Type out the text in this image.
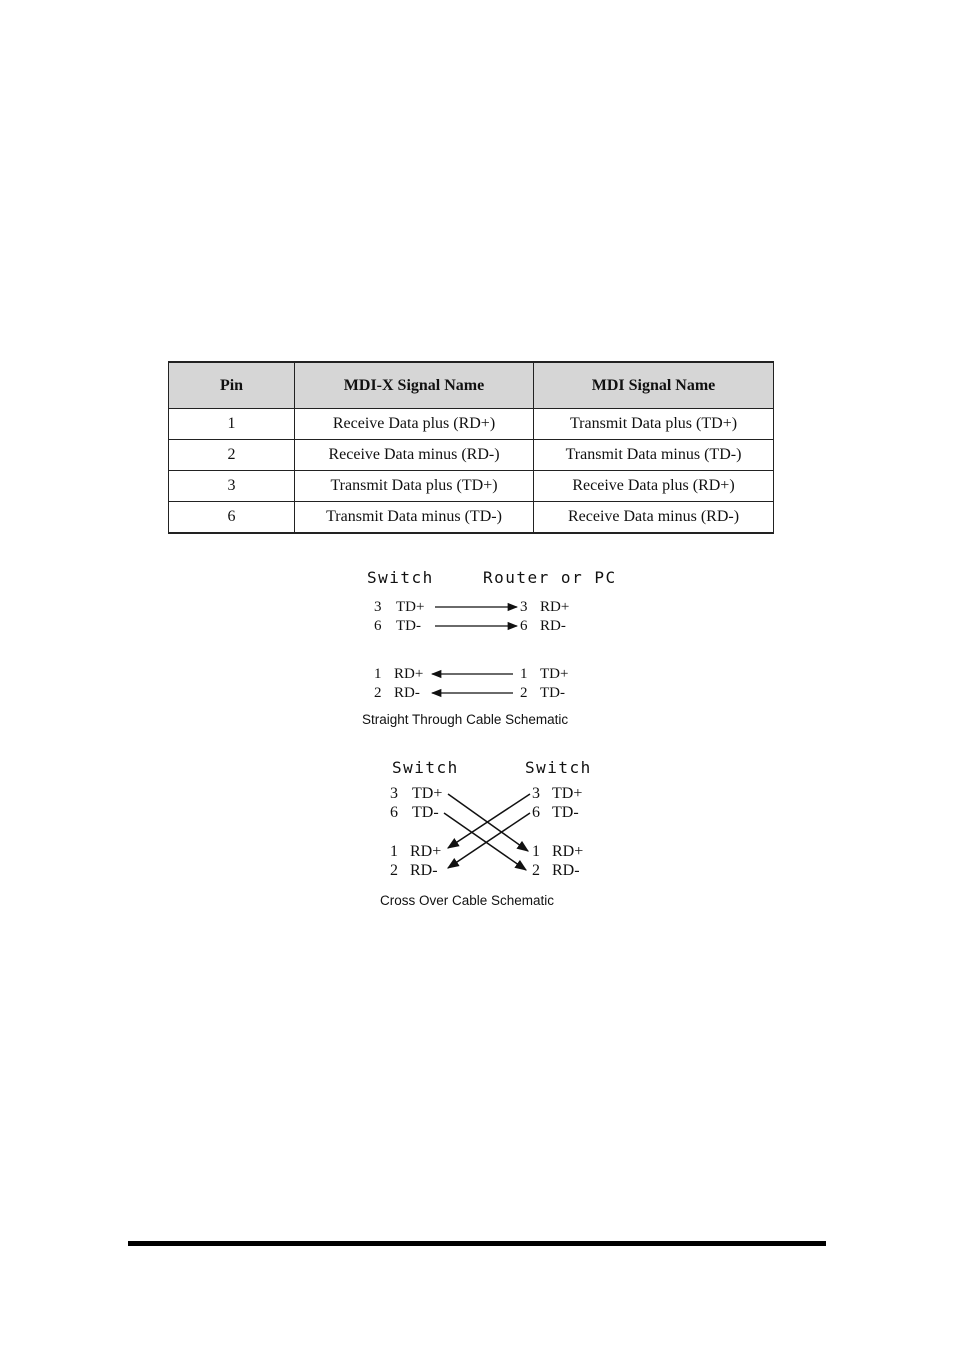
Pin	MDI-X Signal Name	MDI Signal Name
1	Receive Data plus (RD+)	Transmit Data plus (TD+)
2	Receive Data minus (RD-)	Transmit Data minus (TD-)
3	Transmit Data plus (TD+)	Receive Data plus (RD+)
6	Transmit Data minus (TD-)	Receive Data minus (RD-)
Switch	Router or PC
3 TD+	3 RD+
6 TD-	6 RD-
1 RD+	1 TD+
2 RD-	2 TD-
Straight Through Cable Schematic
Switch	Switch
3 TD+
6 TD-
1 RD+
2 RD-
3 TD+
6 TD-
1 RD+
2 RD-
Cross Over Cable Schematic
